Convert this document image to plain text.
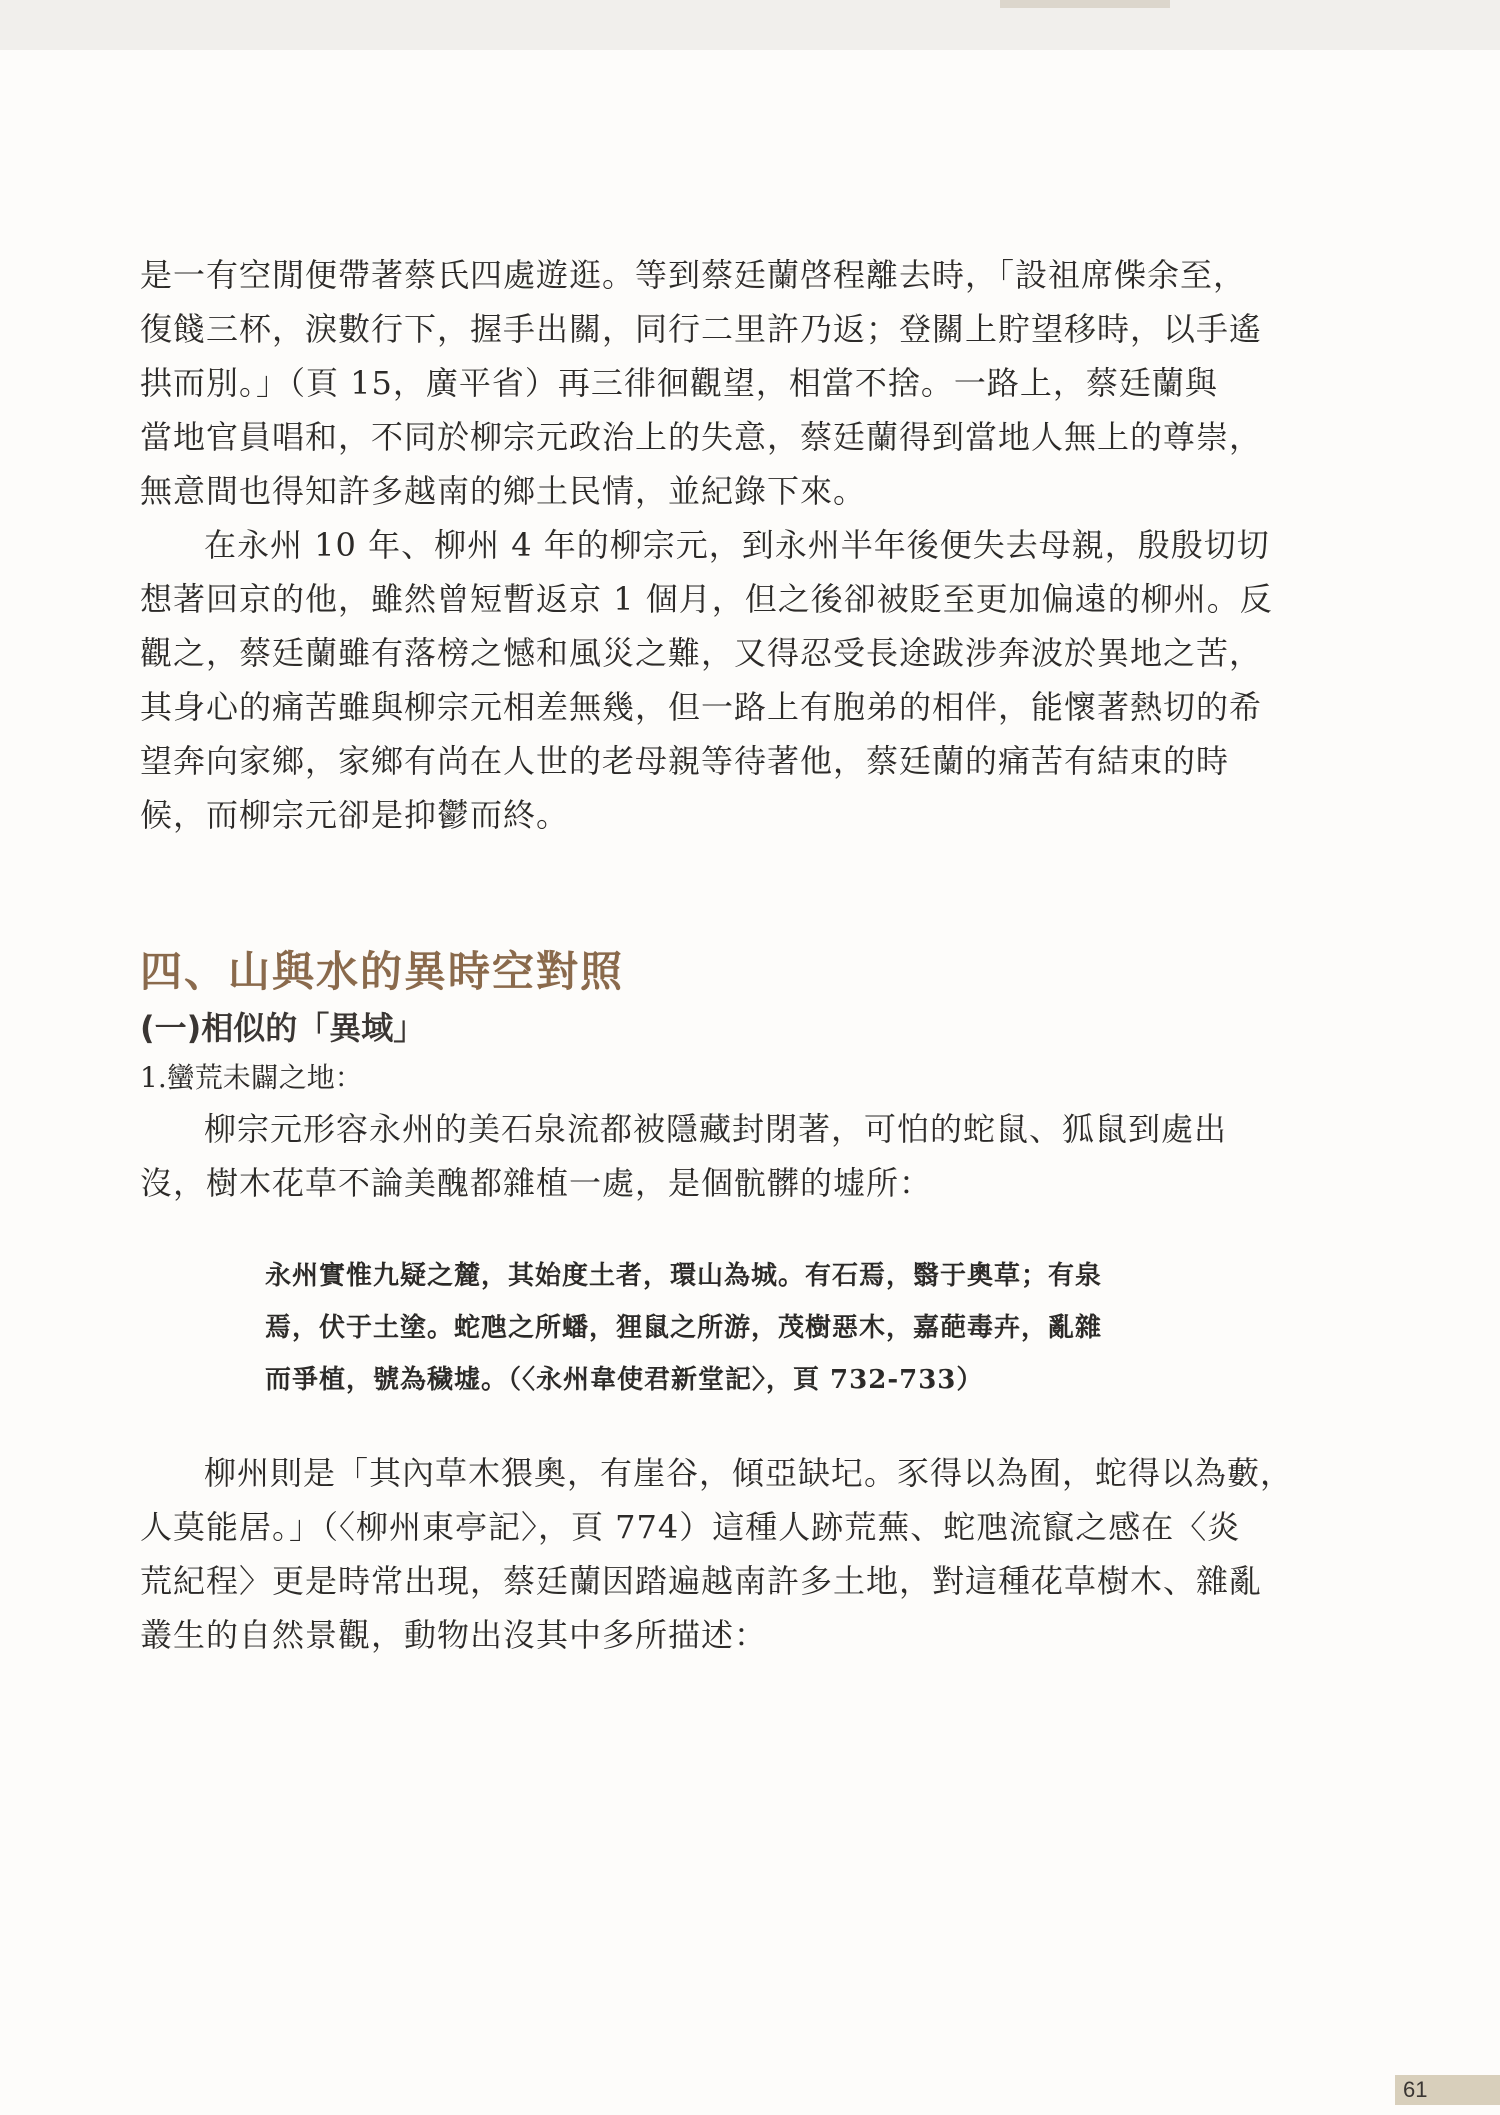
是一有空閒便帶著蔡氏四處遊逛。等到蔡廷蘭啓程離去時，「設祖席偨余至，
復餞三杯，淚數行下，握手出關，同行二里許乃返；登關上貯望移時，以手遙
拱而別。」（頁 15，廣平省）再三徘徊觀望，相當不捨。一路上，蔡廷蘭與
當地官員唱和，不同於柳宗元政治上的失意，蔡廷蘭得到當地人無上的尊崇，
無意間也得知許多越南的鄉土民情，並紀錄下來。

在永州 10 年、柳州 4 年的柳宗元，到永州半年後便失去母親，殷殷切切
想著回京的他，雖然曾短暫返京 1 個月，但之後卻被貶至更加偏遠的柳州。反
觀之，蔡廷蘭雖有落榜之憾和風災之難，又得忍受長途跋涉奔波於異地之苦，
其身心的痛苦雖與柳宗元相差無幾，但一路上有胞弟的相伴，能懷著熱切的希
望奔向家鄉，家鄉有尚在人世的老母親等待著他，蔡廷蘭的痛苦有結束的時
候，而柳宗元卻是抑鬱而終。

四、山與水的異時空對照
(一)相似的「異域」

1.蠻荒未闢之地：

柳宗元形容永州的美石泉流都被隱藏封閉著，可怕的蛇鼠、狐鼠到處出
沒，樹木花草不論美醜都雜植一處，是個骯髒的墟所：

永州實惟九疑之麓，其始度土者，環山為城。有石焉，翳于奧草；有泉
焉，伏于土塗。蛇虺之所蟠，狸鼠之所游，茂樹惡木，嘉葩毒卉，亂雜
而爭植，號為穢墟。（〈永州韋使君新堂記〉，頁 732-733）

柳州則是「其內草木猥奧，有崖谷，傾亞缺圮。豕得以為囿，蛇得以為藪，
人莫能居。」（〈柳州東亭記〉，頁 774）這種人跡荒蕪、蛇虺流竄之感在〈炎
荒紀程〉更是時常出現，蔡廷蘭因踏遍越南許多土地，對這種花草樹木、雜亂
叢生的自然景觀，動物出沒其中多所描述：

61
